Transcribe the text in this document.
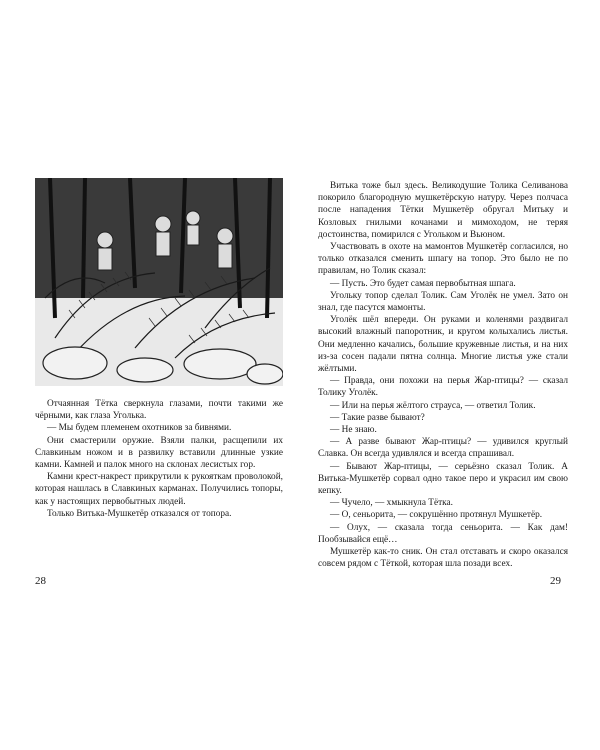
Отчаянная Тётка сверкнула глазами, почти такими же чёрными, как глаза Уголька.

— Мы будем племенем охотников за бивнями.

Они смастерили оружие. Взяли палки, расщепили их Славкиным ножом и в развилку вставили длинные узкие камни. Камней и палок много на склонах лесистых гор.

Камни крест-накрест прикрутили к рукояткам проволокой, которая нашлась в Славкиных карманах. Получились топоры, как у настоящих первобытных людей.

Только Витька-Мушкетёр отказался от топора.

28

Витька тоже был здесь. Великодушие Толика Селиванова покорило благородную мушкетёрскую натуру. Через полчаса после нападения Тётки Мушкетёр обругал Митьку и Козловых гнилыми кочанами и мимоходом, не теряя достоинства, помирился с Угольком и Вьюном.

Участвовать в охоте на мамонтов Мушкетёр согласился, но только отказался сменить шпагу на топор. Это было не по правилам, но Толик сказал:

— Пусть. Это будет самая первобытная шпага.

Угольку топор сделал Толик. Сам Уголёк не умел. Зато он знал, где пасутся мамонты.

Уголёк шёл впереди. Он руками и коленями раздвигал высокий влажный папоротник, и кругом колыхались листья. Они медленно качались, большие кружевные листья, и на них из-за сосен падали пятна солнца. Многие листья уже стали жёлтыми.

— Правда, они похожи на перья Жар-птицы? — сказал Толику Уголёк.

— Или на перья жёлтого страуса, — ответил Толик.

— Такие разве бывают?

— Не знаю.

— А разве бывают Жар-птицы? — удивился круглый Славка. Он всегда удивлялся и всегда спрашивал.

— Бывают Жар-птицы, — серьёзно сказал Толик. А Витька-Мушкетёр сорвал одно такое перо и украсил им свою кепку.

— Чучело, — хмыкнула Тётка.

— О, сеньорита, — сокрушённо протянул Мушкетёр.

— Олух, — сказала тогда сеньорита. — Как дам! Пообзывайся ещё…

Мушкетёр как-то сник. Он стал отставать и скоро оказался совсем рядом с Тёткой, которая шла позади всех.

29
